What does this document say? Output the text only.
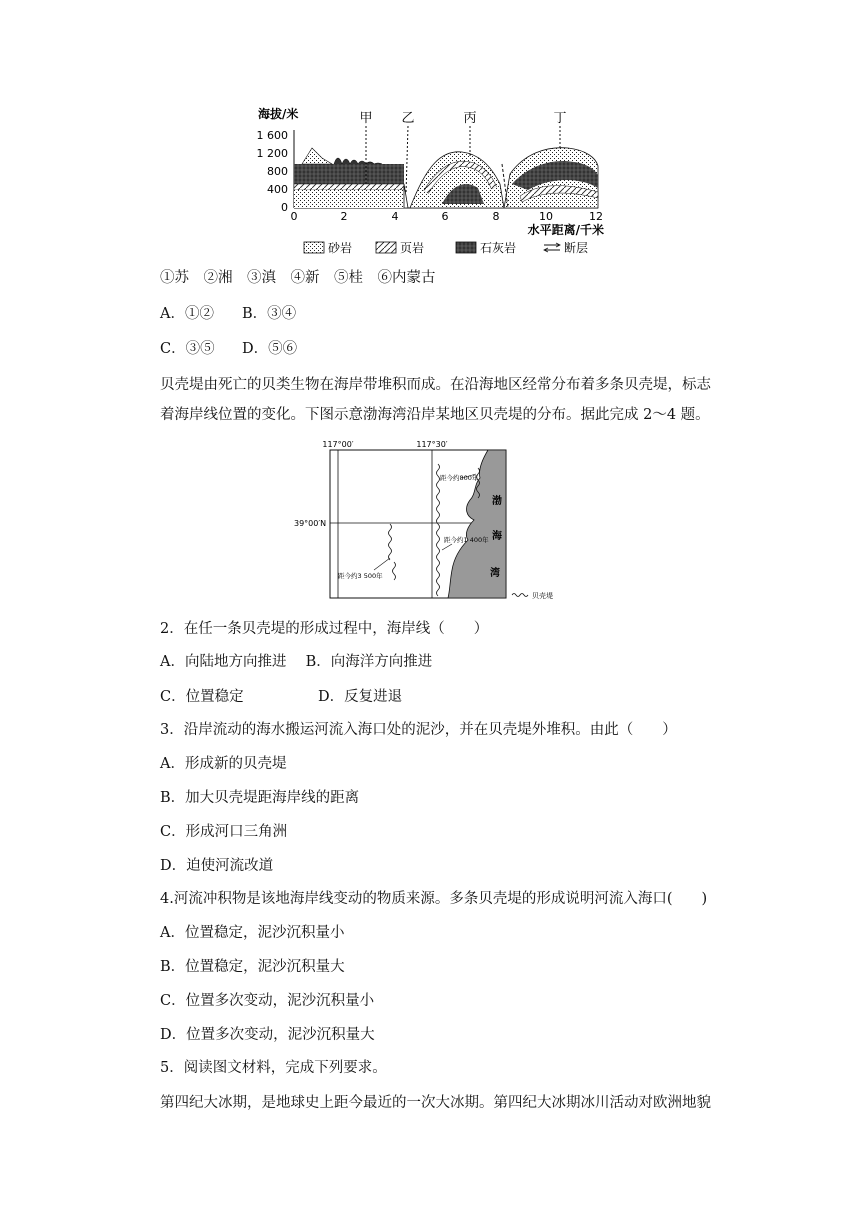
海拔/米
1 600
1 200
800
400
0
甲 乙	丙	丁
0	2	4	6	8	10	12
水平距离/千米
砂岩	页岩	石灰岩	断层
①苏　②湘　③滇　④新　⑤桂　⑥内蒙古
A．①② B．③④
C．③⑤ D．⑤⑥
贝壳堤由死亡的贝类生物在海岸带堆积而成。在沿海地区经常分布着多条贝壳堤，标志
着海岸线位置的变化。下图示意渤海湾沿岸某地区贝壳堤的分布。据此完成 2～4 题。
117°00′	117°30′
39°00′N
渤
海
湾
距今约800年
距今约1 400年
距今约3 500年
贝壳堤
2．在任一条贝壳堤的形成过程中，海岸线（　　）
A．向陆地方向推进　 B．向海洋方向推进
C．位置稳定	D．反复进退
3．沿岸流动的海水搬运河流入海口处的泥沙，并在贝壳堤外堆积。由此（　　）
A．形成新的贝壳堤
B．加大贝壳堤距海岸线的距离
C．形成河口三角洲
D．迫使河流改道
4.河流冲积物是该地海岸线变动的物质来源。多条贝壳堤的形成说明河流入海口(　　)
A．位置稳定，泥沙沉积量小
B．位置稳定，泥沙沉积量大
C．位置多次变动，泥沙沉积量小
D．位置多次变动，泥沙沉积量大
5．阅读图文材料，完成下列要求。
第四纪大冰期，是地球史上距今最近的一次大冰期。第四纪大冰期冰川活动对欧洲地貌
